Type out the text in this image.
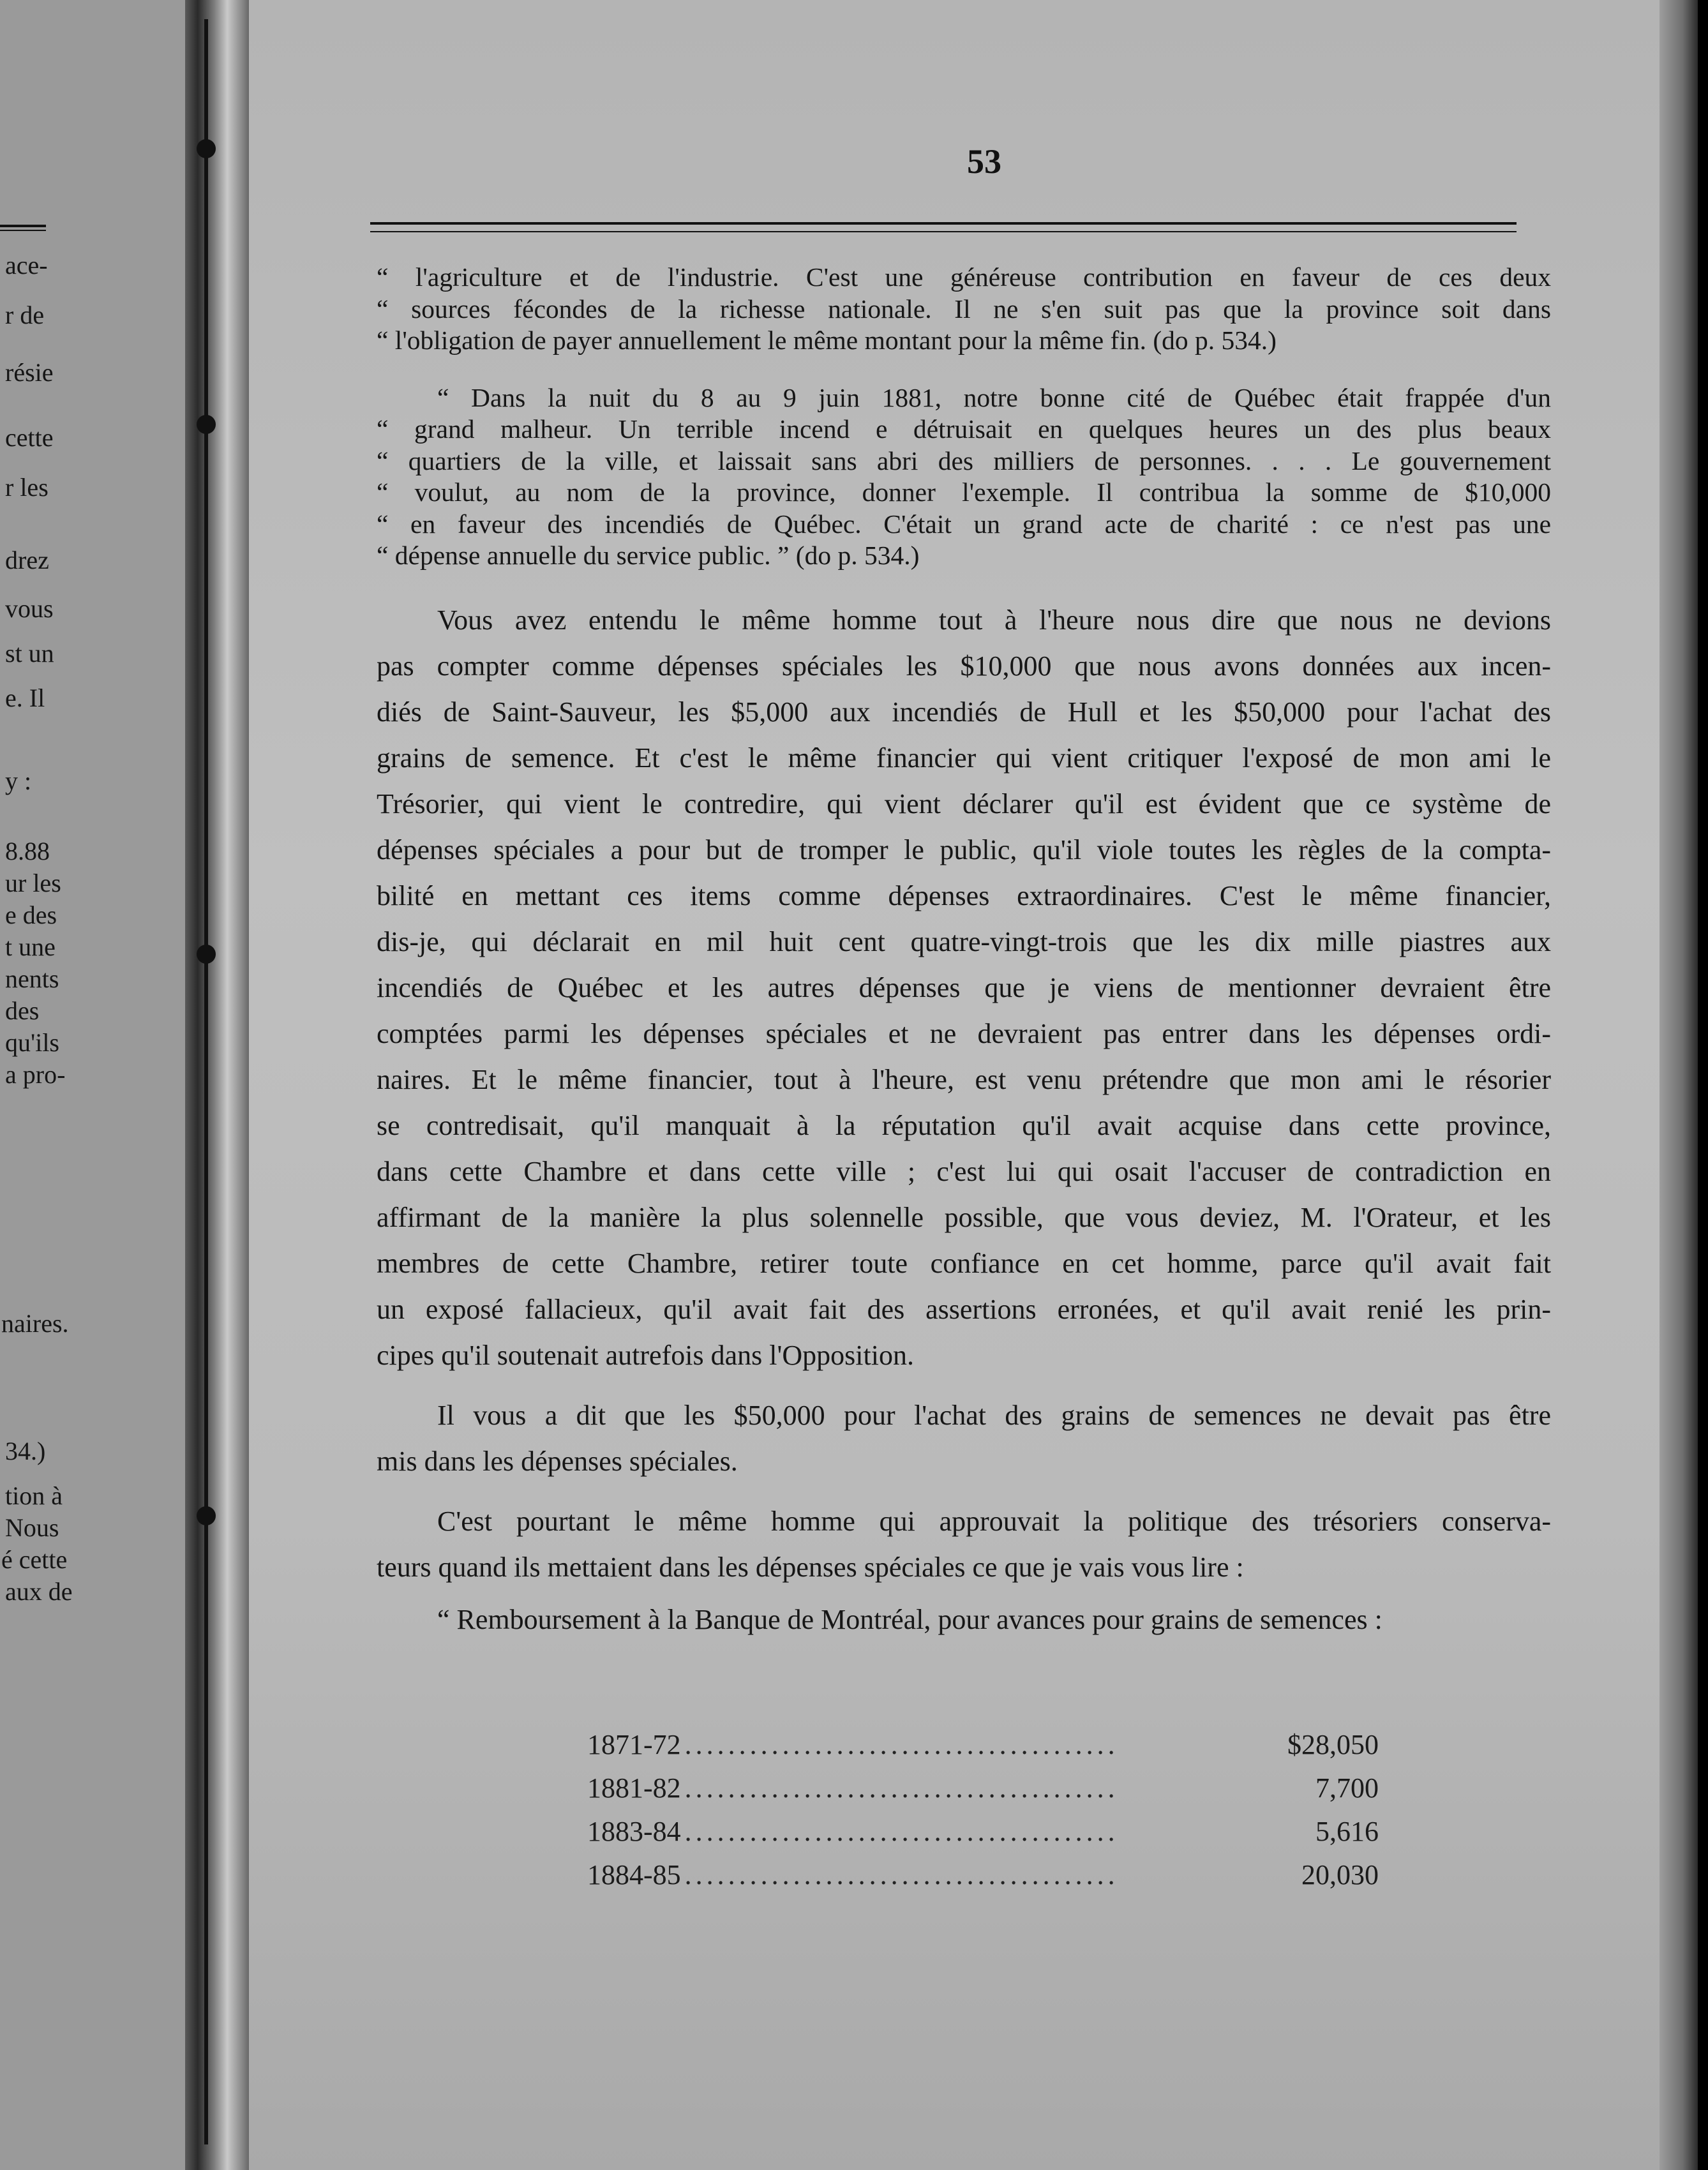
ace-
r de
résie
cette
r les
drez
vous
st un
e. Il
y :
8.88
ur les
e des
t une
nents
des
qu'ils
a pro-
naires.
34.)
tion à
Nous
é cette
aux de
53
“ l'agriculture et de l'industrie. C'est une généreuse contribution en faveur de ces deux
“ sources fécondes de la richesse nationale. Il ne s'en suit pas que la province soit dans
“ l'obligation de payer annuellement le même montant pour la même fin. (do p. 534.)
“ Dans la nuit du 8 au 9 juin 1881, notre bonne cité de Québec était frappée d'un
“ grand malheur. Un terrible incend e détruisait en quelques heures un des plus beaux
“ quartiers de la ville, et laissait sans abri des milliers de personnes. . . . Le gouvernement
“ voulut, au nom de la province, donner l'exemple. Il contribua la somme de $10,000
“ en faveur des incendiés de Québec. C'était un grand acte de charité : ce n'est pas une
“ dépense annuelle du service public. ” (do p. 534.)
Vous avez entendu le même homme tout à l'heure nous dire que nous ne devions
pas compter comme dépenses spéciales les $10,000 que nous avons données aux incen-
diés de Saint-Sauveur, les $5,000 aux incendiés de Hull et les $50,000 pour l'achat des
grains de semence. Et c'est le même financier qui vient critiquer l'exposé de mon ami le
Trésorier, qui vient le contredire, qui vient déclarer qu'il est évident que ce système de
dépenses spéciales a pour but de tromper le public, qu'il viole toutes les règles de la compta-
bilité en mettant ces items comme dépenses extraordinaires. C'est le même financier,
dis-je, qui déclarait en mil huit cent quatre-vingt-trois que les dix mille piastres aux
incendiés de Québec et les autres dépenses que je viens de mentionner devraient être
comptées parmi les dépenses spéciales et ne devraient pas entrer dans les dépenses ordi-
naires. Et le même financier, tout à l'heure, est venu prétendre que mon ami le résorier
se contredisait, qu'il manquait à la réputation qu'il avait acquise dans cette province,
dans cette Chambre et dans cette ville ; c'est lui qui osait l'accuser de contradiction en
affirmant de la manière la plus solennelle possible, que vous deviez, M. l'Orateur, et les
membres de cette Chambre, retirer toute confiance en cet homme, parce qu'il avait fait
un exposé fallacieux, qu'il avait fait des assertions erronées, et qu'il avait renié les prin-
cipes qu'il soutenait autrefois dans l'Opposition.
Il vous a dit que les $50,000 pour l'achat des grains de semences ne devait pas être
mis dans les dépenses spéciales.
C'est pourtant le même homme qui approuvait la politique des trésoriers conserva-
teurs quand ils mettaient dans les dépenses spéciales ce que je vais vous lire :
“ Remboursement à la Banque de Montréal, pour avances pour grains de semences :
1871-72 ........................................	$28,050
1881-82 ........................................	7,700
1883-84 ........................................	5,616
1884-85 ........................................	20,030
